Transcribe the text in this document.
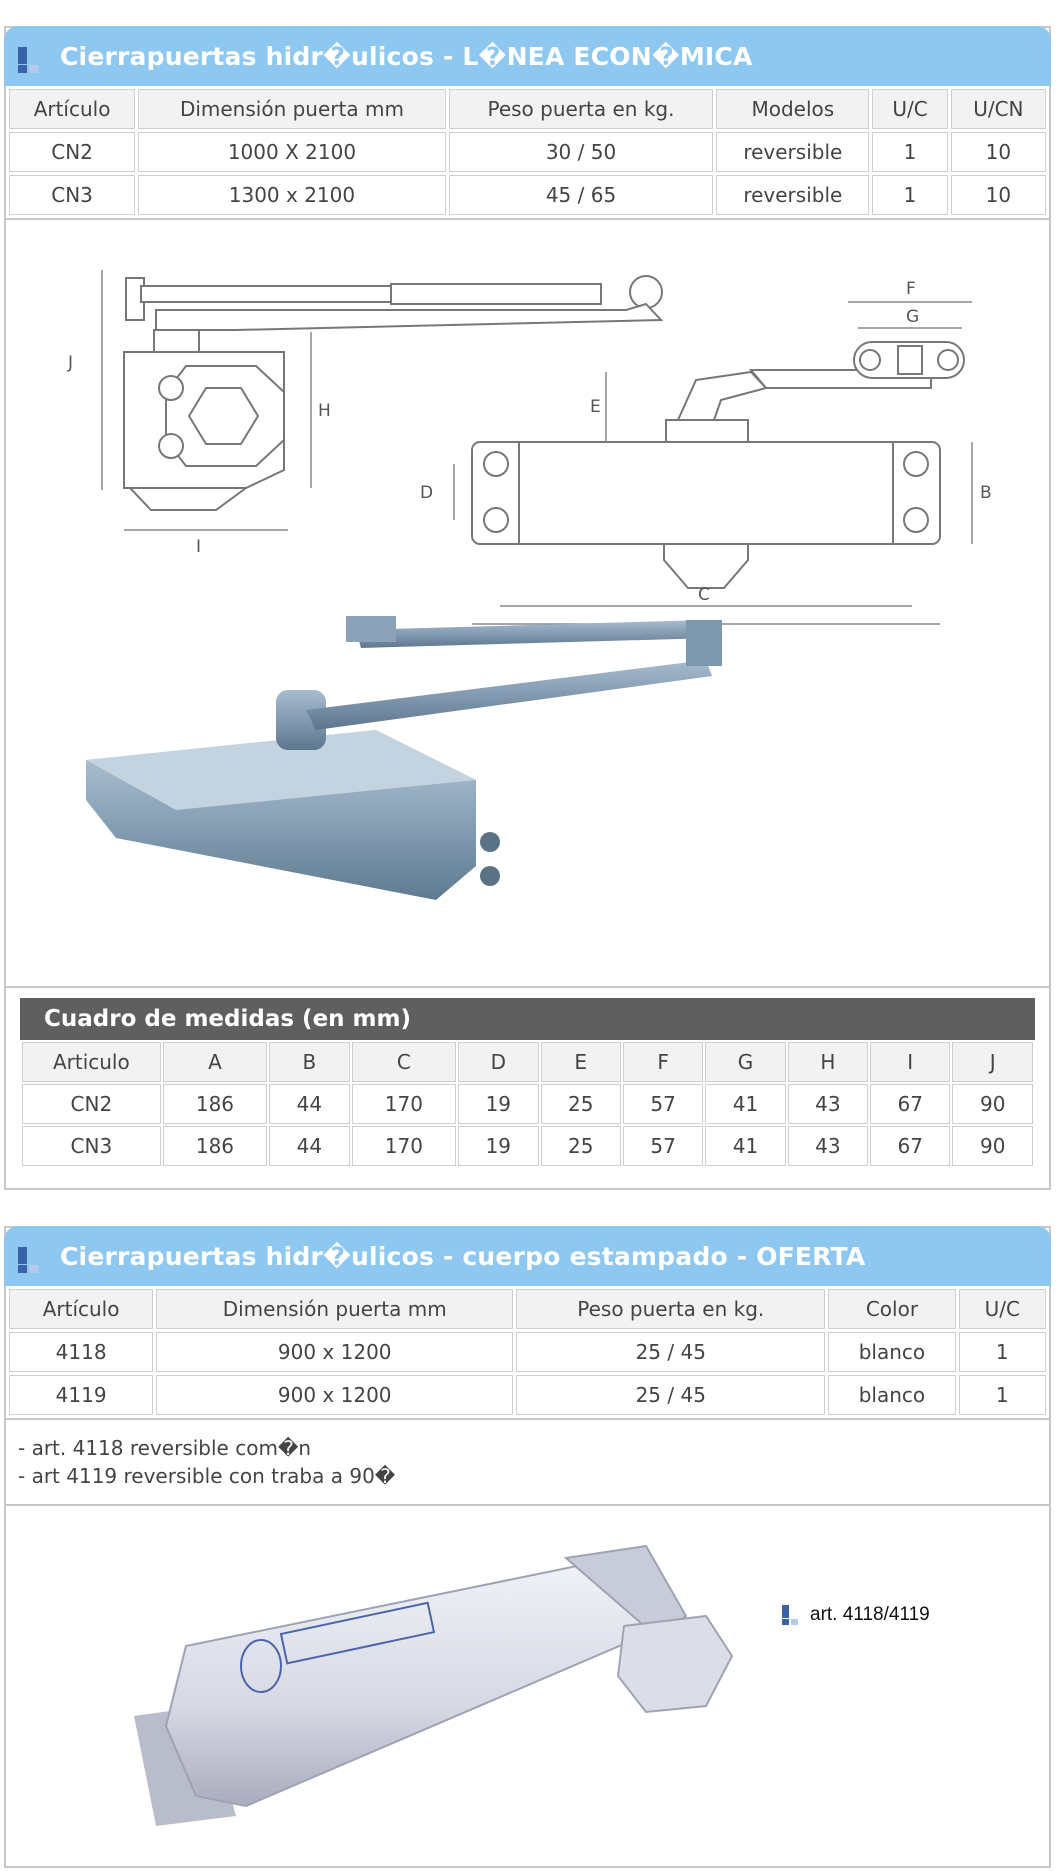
Cierrapuertas hidr�ulicos - L�NEA ECON�MICA
Artículo	Dimensión puerta mm	Peso puerta en kg.	Modelos	U/C	U/CN
CN2	1000 X 2100	30 / 50	reversible	1	10
CN3	1300 x 2100	45 / 65	reversible	1	10
J
H
I
F
G
E
D	B
C
Cuadro de medidas (en mm)
Articulo	A	B	C	D	E	F	G	H	I	J
CN2	186	44	170	19	25	57	41	43	67	90
CN3	186	44	170	19	25	57	41	43	67	90
Cierrapuertas hidr�ulicos - cuerpo estampado - OFERTA
Artículo	Dimensión puerta mm	Peso puerta en kg.	Color	U/C
4118	900 x 1200	25 / 45	blanco	1
4119	900 x 1200	25 / 45	blanco	1
- art. 4118 reversible com�n
- art 4119 reversible con traba a 90�
art. 4118/4119
